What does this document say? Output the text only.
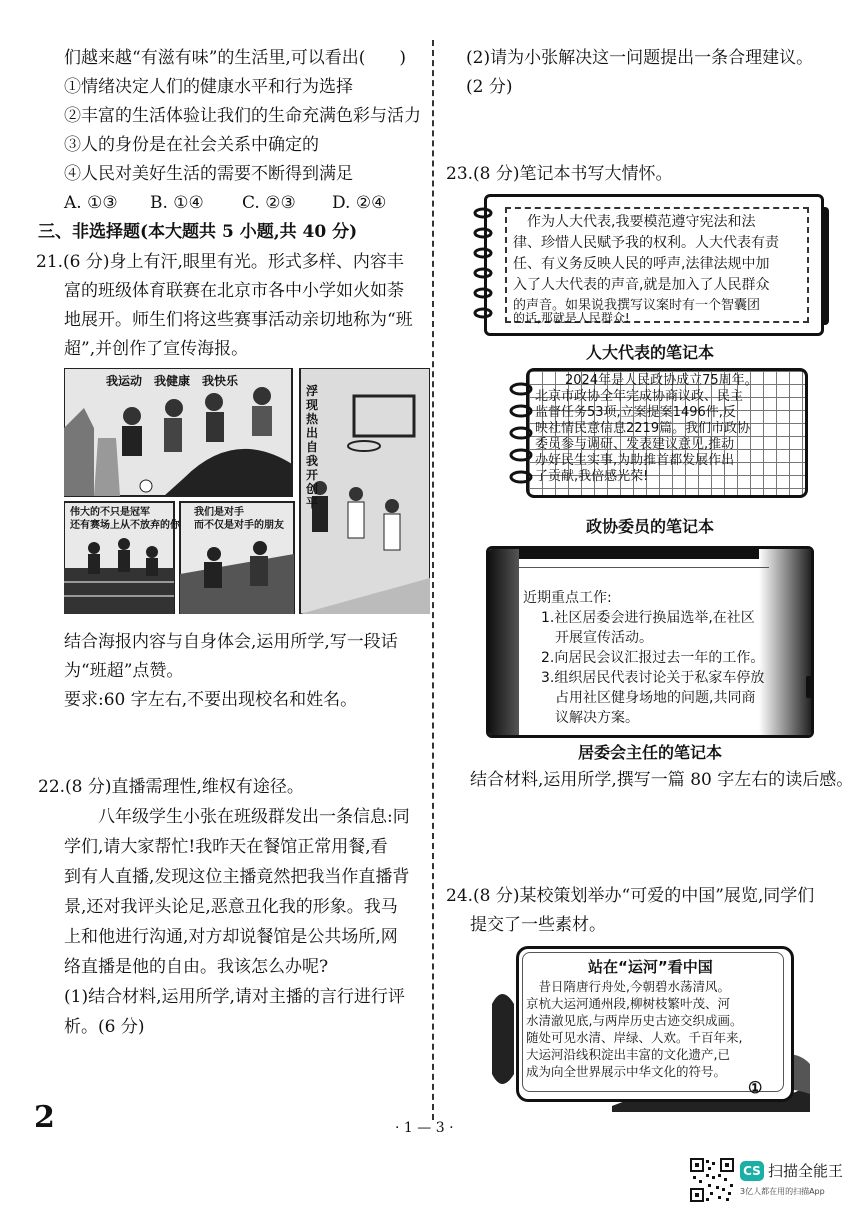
们越来越“有滋有味”的生活里,可以看出(　　)
①情绪决定人们的健康水平和行为选择
②丰富的生活体验让我们的生命充满色彩与活力
③人的身份是在社会关系中确定的
④人民对美好生活的需要不断得到满足
A. ①③ B. ①④ C. ②③ D. ②④
三、非选择题(本大题共 5 小题,共 40 分)
21.(6 分)身上有汗,眼里有光。形式多样、内容丰
富的班级体育联赛在北京市各中小学如火如荼
地展开。师生们将这些赛事活动亲切地称为“班
超”,并创作了宣传海报。
我运动　我健康　我快乐
浮现热出自我开创平
伟大的不只是冠军
还有赛场上从不放弃的你
我们是对手
而不仅是对手的朋友
结合海报内容与自身体会,运用所学,写一段话
为“班超”点赞。
要求:60 字左右,不要出现校名和姓名。
22.(8 分)直播需理性,维权有途径。
　　八年级学生小张在班级群发出一条信息:同
学们,请大家帮忙!我昨天在餐馆正常用餐,看
到有人直播,发现这位主播竟然把我当作直播背
景,还对我评头论足,恶意丑化我的形象。我马
上和他进行沟通,对方却说餐馆是公共场所,网
络直播是他的自由。我该怎么办呢?
(1)结合材料,运用所学,请对主播的言行进行评
析。(6 分)
2
(2)请为小张解决这一问题提出一条合理建议。
(2 分)
23.(8 分)笔记本书写大情怀。
作为人大代表,我要模范遵守宪法和法
律、珍惜人民赋予我的权利。人大代表有责
任、有义务反映人民的呼声,法律法规中加
入了人大代表的声音,就是加入了人民群众
的声音。如果说我撰写议案时有一个智囊团
的话,那就是人民群众!
人大代表的笔记本
2024年是人民政协成立75周年。
北京市政协全年完成协商议政、民主
监督任务53项,立案提案1496件,反
映社情民意信息2219篇。我们市政协
委员参与调研、发表建议意见,推动
办好民生实事,为助推首都发展作出
了贡献,我倍感光荣!
政协委员的笔记本
近期重点工作:
1.社区居委会进行换届选举,在社区
　开展宣传活动。
2.向居民会议汇报过去一年的工作。
3.组织居民代表讨论关于私家车停放
　占用社区健身场地的问题,共同商
　议解决方案。
居委会主任的笔记本
结合材料,运用所学,撰写一篇 80 字左右的读后感。
24.(8 分)某校策划举办“可爱的中国”展览,同学们
提交了一些素材。
站在“运河”看中国
　昔日隋唐行舟处,今朝碧水荡清风。
京杭大运河通州段,柳树枝繁叶茂、河
水清澈见底,与两岸历史古迹交织成画。
随处可见水清、岸绿、人欢。千百年来,
大运河沿线积淀出丰富的文化遗产,已
成为向全世界展示中华文化的符号。
①
· 1 — 3 ·
CS 扫描全能王
3亿人都在用的扫描App
